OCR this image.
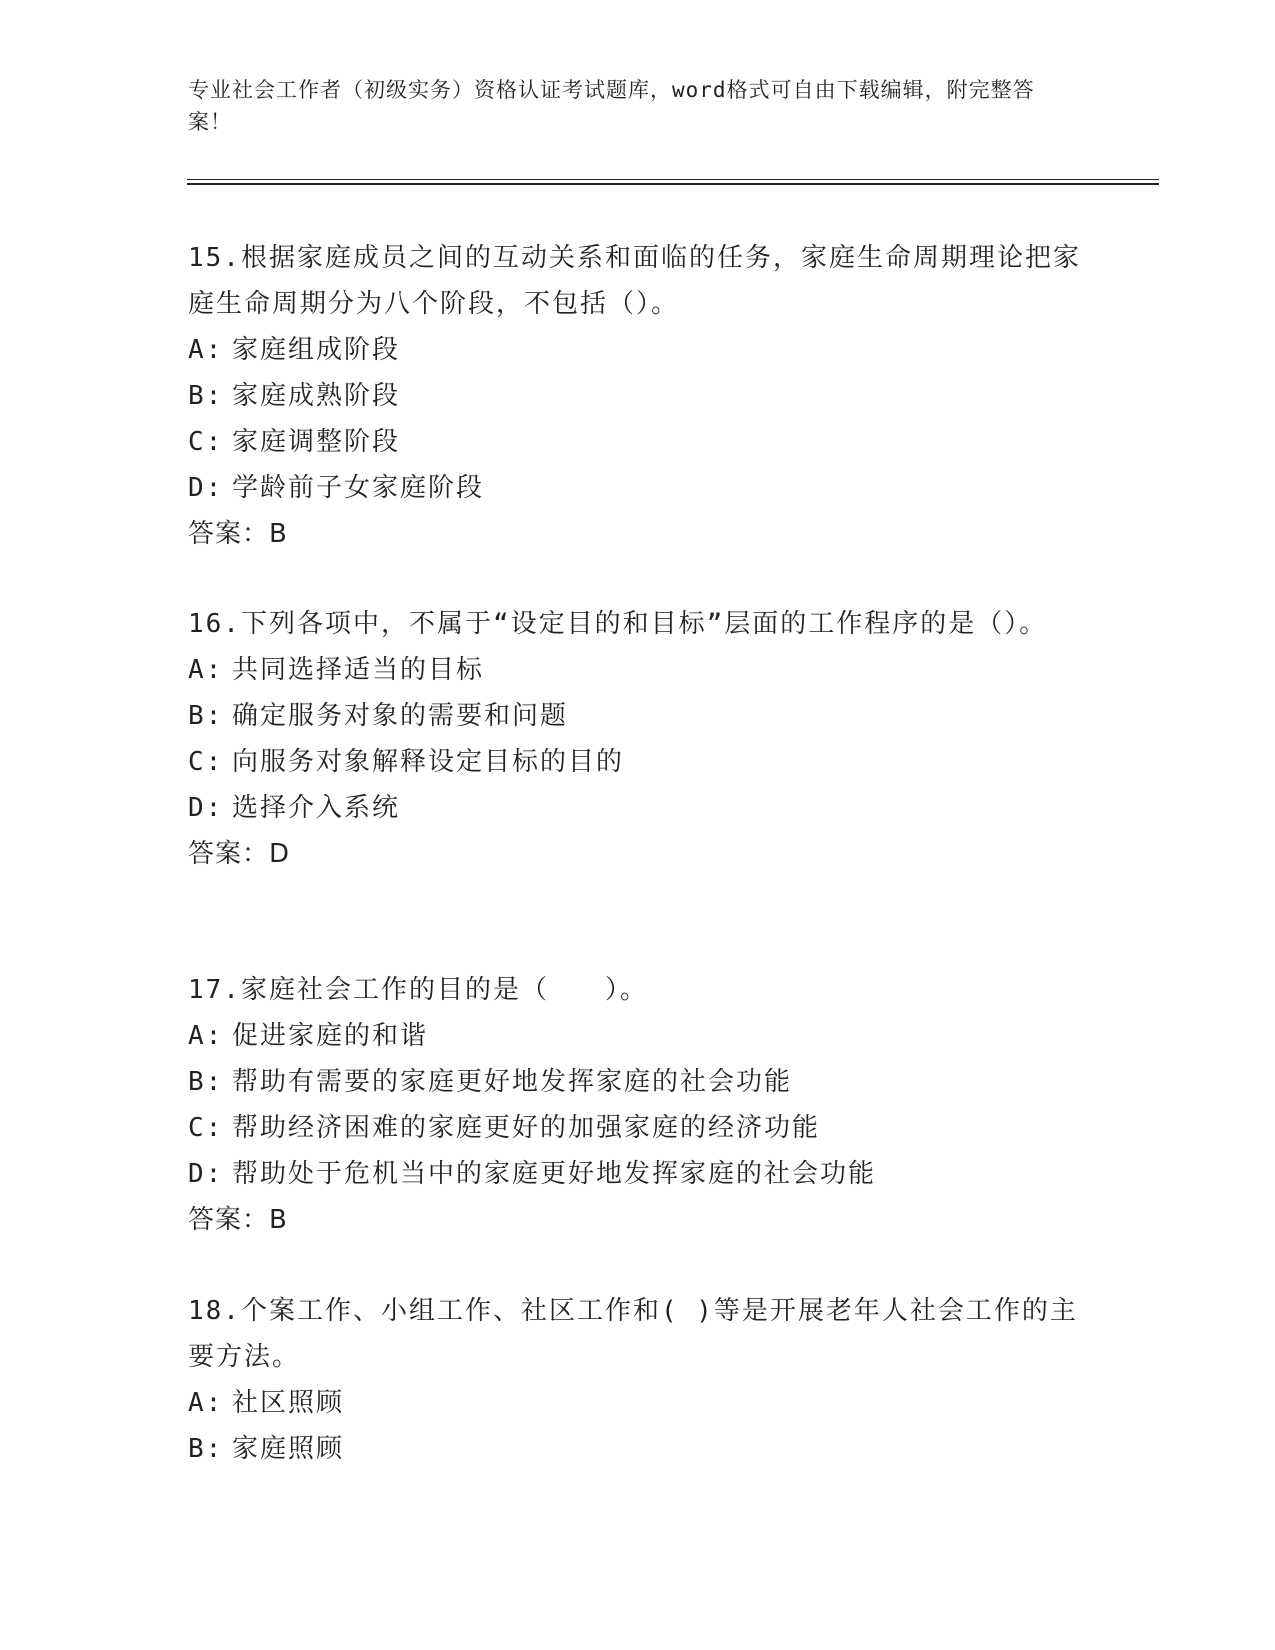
专业社会工作者（初级实务）资格认证考试题库，word格式可自由下载编辑，附完整答案！

15.根据家庭成员之间的互动关系和面临的任务，家庭生命周期理论把家庭生命周期分为八个阶段，不包括（）。

A: 家庭组成阶段

B: 家庭成熟阶段

C: 家庭调整阶段

D: 学龄前子女家庭阶段

答案：B

16.下列各项中，不属于“设定目的和目标”层面的工作程序的是（）。

A: 共同选择适当的目标

B: 确定服务对象的需要和问题

C: 向服务对象解释设定目标的目的

D: 选择介入系统

答案：D

17.家庭社会工作的目的是（　　）。

A: 促进家庭的和谐

B: 帮助有需要的家庭更好地发挥家庭的社会功能

C: 帮助经济困难的家庭更好的加强家庭的经济功能

D: 帮助处于危机当中的家庭更好地发挥家庭的社会功能

答案：B

18.个案工作、小组工作、社区工作和( )等是开展老年人社会工作的主要方法。

A: 社区照顾

B: 家庭照顾
